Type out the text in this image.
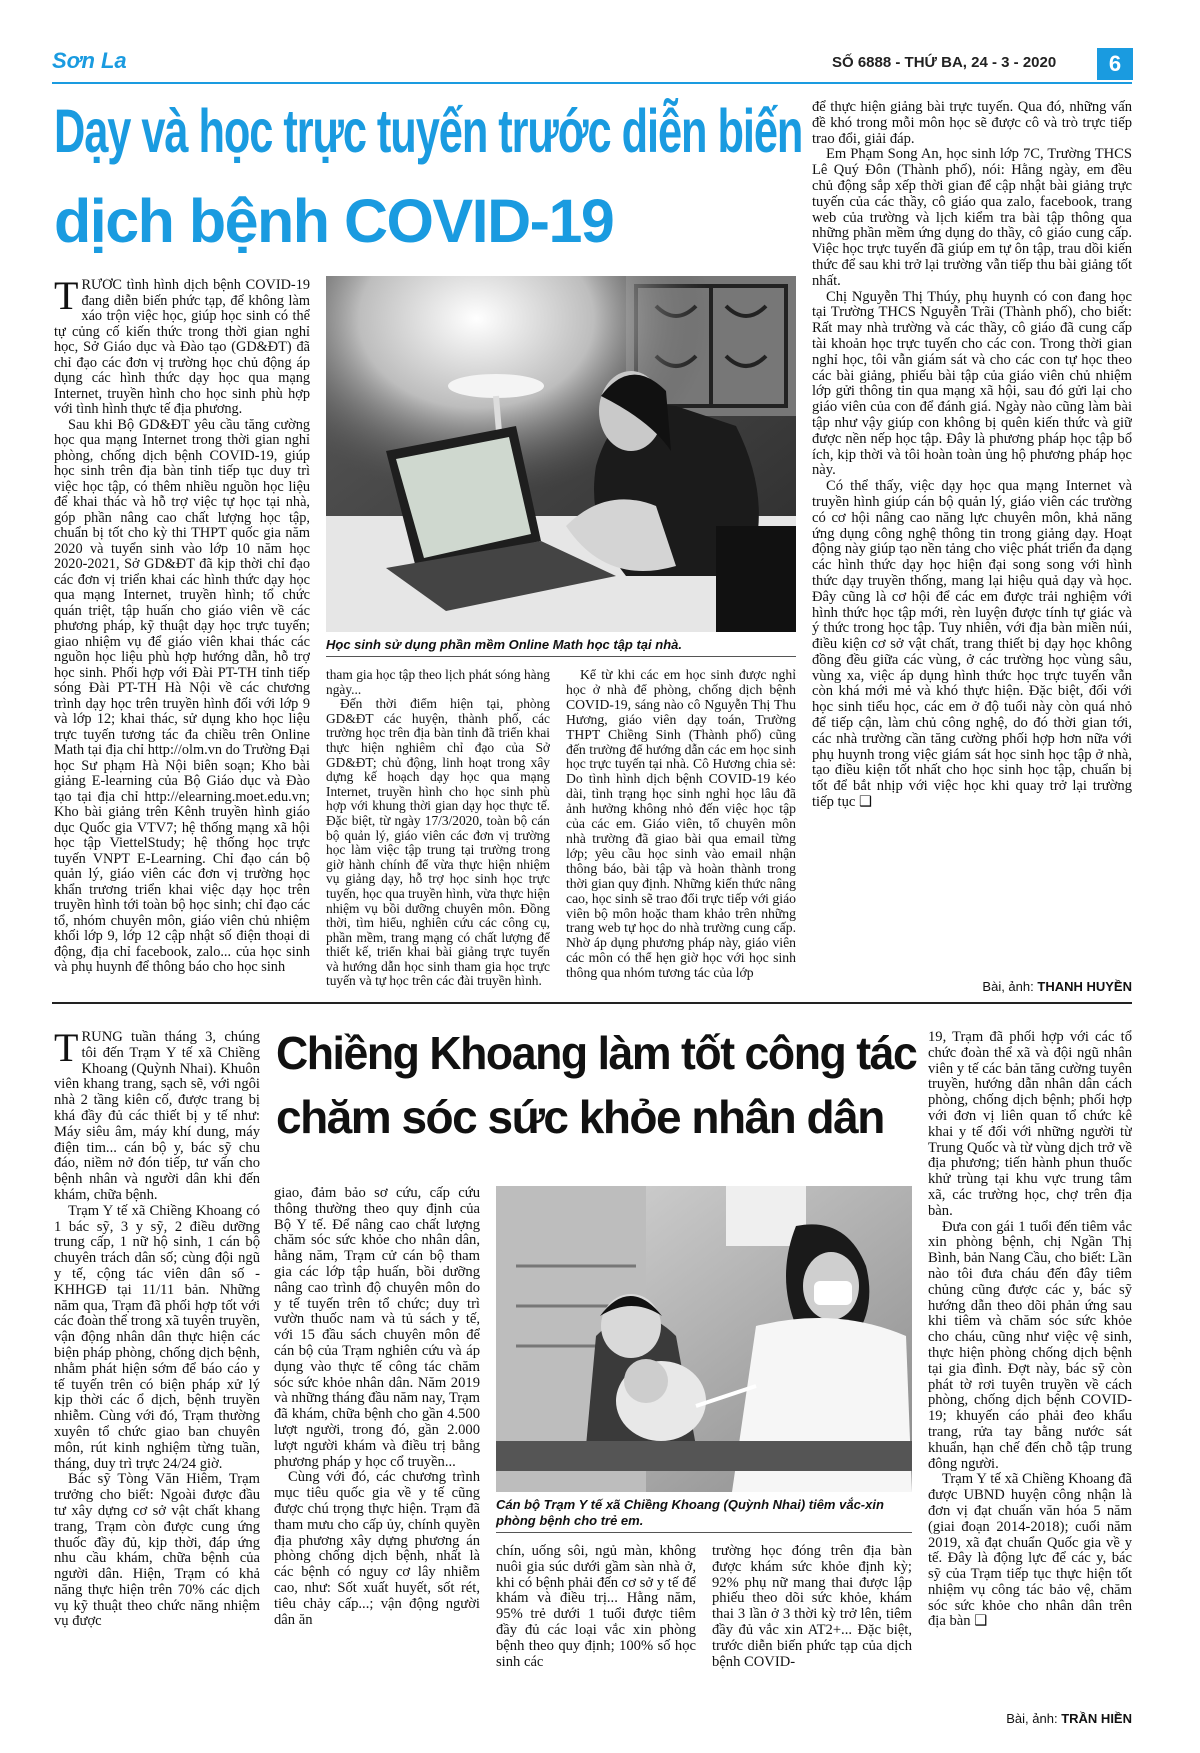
Sơn La	SỐ 6888 - THỨ BA, 24 - 3 - 2020	6
Dạy và học trực tuyến trước diễn biến
dịch bệnh COVID-19
Học sinh sử dụng phần mềm Online Math học tập tại nhà.

TRƯỚC tình hình dịch bệnh COVID-19 đang diễn biến phức tạp, để không làm xáo trộn việc học, giúp học sinh có thể tự củng cố kiến thức trong thời gian nghỉ học, Sở Giáo dục và Đào tạo (GD&ĐT) đã chỉ đạo các đơn vị trường học chủ động áp dụng các hình thức dạy học qua mạng Internet, truyền hình cho học sinh phù hợp với tình hình thực tế địa phương.

Sau khi Bộ GD&ĐT yêu cầu tăng cường học qua mạng Internet trong thời gian nghỉ phòng, chống dịch bệnh COVID-19, giúp học sinh trên địa bàn tỉnh tiếp tục duy trì việc học tập, có thêm nhiều nguồn học liệu để khai thác và hỗ trợ việc tự học tại nhà, góp phần nâng cao chất lượng học tập, chuẩn bị tốt cho kỳ thi THPT quốc gia năm 2020 và tuyển sinh vào lớp 10 năm học 2020-2021, Sở GD&ĐT đã kịp thời chỉ đạo các đơn vị triển khai các hình thức dạy học qua mạng Internet, truyền hình; tổ chức quán triệt, tập huấn cho giáo viên về các phương pháp, kỹ thuật dạy học trực tuyến; giao nhiệm vụ để giáo viên khai thác các nguồn học liệu phù hợp hướng dẫn, hỗ trợ học sinh. Phối hợp với Đài PT-TH tỉnh tiếp sóng Đài PT-TH Hà Nội về các chương trình dạy học trên truyền hình đối với lớp 9 và lớp 12; khai thác, sử dụng kho học liệu trực tuyến tương tác đa chiều trên Online Math tại địa chỉ http://olm.vn do Trường Đại học Sư phạm Hà Nội biên soạn; Kho bài giảng E-learning của Bộ Giáo dục và Đào tạo tại địa chỉ http://elearning.moet.edu.vn; Kho bài giảng trên Kênh truyền hình giáo dục Quốc gia VTV7; hệ thống mạng xã hội học tập ViettelStudy; hệ thống học trực tuyến VNPT E-Learning. Chỉ đạo cán bộ quản lý, giáo viên các đơn vị trường học khẩn trương triển khai việc dạy học trên truyền hình tới toàn bộ học sinh; chỉ đạo các tổ, nhóm chuyên môn, giáo viên chủ nhiệm khối lớp 9, lớp 12 cập nhật số điện thoại di động, địa chỉ facebook, zalo... của học sinh và phụ huynh để thông báo cho học sinh

tham gia học tập theo lịch phát sóng hàng ngày...

Đến thời điểm hiện tại, phòng GD&ĐT các huyện, thành phố, các trường học trên địa bàn tỉnh đã triển khai thực hiện nghiêm chỉ đạo của Sở GD&ĐT; chủ động, linh hoạt trong xây dựng kế hoạch dạy học qua mạng Internet, truyền hình cho học sinh phù hợp với khung thời gian dạy học thực tế. Đặc biệt, từ ngày 17/3/2020, toàn bộ cán bộ quản lý, giáo viên các đơn vị trường học làm việc tập trung tại trường trong giờ hành chính để vừa thực hiện nhiệm vụ giảng dạy, hỗ trợ học sinh học trực tuyến, học qua truyền hình, vừa thực hiện nhiệm vụ bồi dưỡng chuyên môn. Đồng thời, tìm hiểu, nghiên cứu các công cụ, phần mềm, trang mạng có chất lượng để thiết kế, triển khai bài giảng trực tuyến và hướng dẫn học sinh tham gia học trực tuyến và tự học trên các đài truyền hình.

Kể từ khi các em học sinh được nghỉ học ở nhà để phòng, chống dịch bệnh COVID-19, sáng nào cô Nguyễn Thị Thu Hương, giáo viên dạy toán, Trường THPT Chiềng Sinh (Thành phố) cũng đến trường để hướng dẫn các em học sinh học trực tuyến tại nhà. Cô Hương chia sẻ: Do tình hình dịch bệnh COVID-19 kéo dài, tình trạng học sinh nghỉ học lâu đã ảnh hưởng không nhỏ đến việc học tập của các em. Giáo viên, tổ chuyên môn nhà trường đã giao bài qua email từng lớp; yêu cầu học sinh vào email nhận thông báo, bài tập và hoàn thành trong thời gian quy định. Những kiến thức nâng cao, học sinh sẽ trao đổi trực tiếp với giáo viên bộ môn hoặc tham khảo trên những trang web tự học do nhà trường cung cấp. Nhờ áp dụng phương pháp này, giáo viên các môn có thể hẹn giờ học với học sinh thông qua nhóm tương tác của lớp

để thực hiện giảng bài trực tuyến. Qua đó, những vấn đề khó trong mỗi môn học sẽ được cô và trò trực tiếp trao đổi, giải đáp.

Em Phạm Song An, học sinh lớp 7C, Trường THCS Lê Quý Đôn (Thành phố), nói: Hằng ngày, em đều chủ động sắp xếp thời gian để cập nhật bài giảng trực tuyến của các thầy, cô giáo qua zalo, facebook, trang web của trường và lịch kiểm tra bài tập thông qua những phần mềm ứng dụng do thầy, cô giáo cung cấp. Việc học trực tuyến đã giúp em tự ôn tập, trau dồi kiến thức để sau khi trở lại trường vẫn tiếp thu bài giảng tốt nhất.

Chị Nguyễn Thị Thúy, phụ huynh có con đang học tại Trường THCS Nguyễn Trãi (Thành phố), cho biết: Rất may nhà trường và các thầy, cô giáo đã cung cấp tài khoản học trực tuyến cho các con. Trong thời gian nghỉ học, tôi vẫn giám sát và cho các con tự học theo các bài giảng, phiếu bài tập của giáo viên chủ nhiệm lớp gửi thông tin qua mạng xã hội, sau đó gửi lại cho giáo viên của con để đánh giá. Ngày nào cũng làm bài tập như vậy giúp con không bị quên kiến thức và giữ được nền nếp học tập. Đây là phương pháp học tập bổ ích, kịp thời và tôi hoàn toàn ủng hộ phương pháp học này.

Có thể thấy, việc dạy học qua mạng Internet và truyền hình giúp cán bộ quản lý, giáo viên các trường có cơ hội nâng cao năng lực chuyên môn, khả năng ứng dụng công nghệ thông tin trong giảng dạy. Hoạt động này giúp tạo nền tảng cho việc phát triển đa dạng các hình thức dạy học hiện đại song song với hình thức dạy truyền thống, mang lại hiệu quả dạy và học. Đây cũng là cơ hội để các em được trải nghiệm với hình thức học tập mới, rèn luyện được tính tự giác và ý thức trong học tập. Tuy nhiên, với địa bàn miền núi, điều kiện cơ sở vật chất, trang thiết bị dạy học không đồng đều giữa các vùng, ở các trường học vùng sâu, vùng xa, việc áp dụng hình thức học trực tuyến vẫn còn khá mới mẻ và khó thực hiện. Đặc biệt, đối với học sinh tiểu học, các em ở độ tuổi này còn quá nhỏ để tiếp cận, làm chủ công nghệ, do đó thời gian tới, các nhà trường cần tăng cường phối hợp hơn nữa với phụ huynh trong việc giám sát học sinh học tập ở nhà, tạo điều kiện tốt nhất cho học sinh học tập, chuẩn bị tốt để bắt nhịp với việc học khi quay trở lại trường tiếp tục ❑

Bài, ảnh: THANH HUYỀN
Chiềng Khoang làm tốt công tác
chăm sóc sức khỏe nhân dân
Cán bộ Trạm Y tế xã Chiềng Khoang (Quỳnh Nhai) tiêm vắc-xin phòng bệnh cho trẻ em.

TRUNG tuần tháng 3, chúng tôi đến Trạm Y tế xã Chiềng Khoang (Quỳnh Nhai). Khuôn viên khang trang, sạch sẽ, với ngôi nhà 2 tầng kiên cố, được trang bị khá đầy đủ các thiết bị y tế như: Máy siêu âm, máy khí dung, máy điện tim... cán bộ y, bác sỹ chu đáo, niềm nở đón tiếp, tư vấn cho bệnh nhân và người dân khi đến khám, chữa bệnh.

Trạm Y tế xã Chiềng Khoang có 1 bác sỹ, 3 y sỹ, 2 điều dưỡng trung cấp, 1 nữ hộ sinh, 1 cán bộ chuyên trách dân số; cùng đội ngũ y tế, cộng tác viên dân số - KHHGĐ tại 11/11 bản. Những năm qua, Trạm đã phối hợp tốt với các đoàn thể trong xã tuyên truyền, vận động nhân dân thực hiện các biện pháp phòng, chống dịch bệnh, nhằm phát hiện sớm để báo cáo y tế tuyến trên có biện pháp xử lý kịp thời các ổ dịch, bệnh truyền nhiễm. Cùng với đó, Trạm thường xuyên tổ chức giao ban chuyên môn, rút kinh nghiệm từng tuần, tháng, duy trì trực 24/24 giờ.

Bác sỹ Tòng Văn Hiêm, Trạm trưởng cho biết: Ngoài được đầu tư xây dựng cơ sở vật chất khang trang, Trạm còn được cung ứng thuốc đầy đủ, kịp thời, đáp ứng nhu cầu khám, chữa bệnh của người dân. Hiện, Trạm có khả năng thực hiện trên 70% các dịch vụ kỹ thuật theo chức năng nhiệm vụ được

giao, đảm bảo sơ cứu, cấp cứu thông thường theo quy định của Bộ Y tế. Để nâng cao chất lượng chăm sóc sức khỏe cho nhân dân, hằng năm, Trạm cử cán bộ tham gia các lớp tập huấn, bồi dưỡng nâng cao trình độ chuyên môn do y tế tuyến trên tổ chức; duy trì vườn thuốc nam và tủ sách y tế, với 15 đầu sách chuyên môn để cán bộ của Trạm nghiên cứu và áp dụng vào thực tế công tác chăm sóc sức khỏe nhân dân. Năm 2019 và những tháng đầu năm nay, Trạm đã khám, chữa bệnh cho gần 4.500 lượt người, trong đó, gần 2.000 lượt người khám và điều trị bằng phương pháp y học cổ truyền...

Cùng với đó, các chương trình mục tiêu quốc gia về y tế cũng được chú trọng thực hiện. Trạm đã tham mưu cho cấp ủy, chính quyền địa phương xây dựng phương án phòng chống dịch bệnh, nhất là các bệnh có nguy cơ lây nhiễm cao, như: Sốt xuất huyết, sốt rét, tiêu chảy cấp...; vận động người dân ăn

chín, uống sôi, ngủ màn, không nuôi gia súc dưới gầm sàn nhà ở, khi có bệnh phải đến cơ sở y tế để khám và điều trị... Hằng năm, 95% trẻ dưới 1 tuổi được tiêm đầy đủ các loại vắc xin phòng bệnh theo quy định; 100% số học sinh các

trường học đóng trên địa bàn được khám sức khỏe định kỳ; 92% phụ nữ mang thai được lập phiếu theo dõi sức khỏe, khám thai 3 lần ở 3 thời kỳ trở lên, tiêm đầy đủ vắc xin AT2+... Đặc biệt, trước diễn biến phức tạp của dịch bệnh COVID-

19, Trạm đã phối hợp với các tổ chức đoàn thể xã và đội ngũ nhân viên y tế các bản tăng cường tuyên truyền, hướng dẫn nhân dân cách phòng, chống dịch bệnh; phối hợp với đơn vị liên quan tổ chức kê khai y tế đối với những người từ Trung Quốc và từ vùng dịch trở về địa phương; tiến hành phun thuốc khử trùng tại khu vực trung tâm xã, các trường học, chợ trên địa bàn.

Đưa con gái 1 tuổi đến tiêm vắc xin phòng bệnh, chị Ngần Thị Bình, bản Nang Cầu, cho biết: Lần nào tôi đưa cháu đến đây tiêm chủng cũng được các y, bác sỹ hướng dẫn theo dõi phản ứng sau khi tiêm và chăm sóc sức khỏe cho cháu, cũng như việc vệ sinh, thực hiện phòng chống dịch bệnh tại gia đình. Đợt này, bác sỹ còn phát tờ rơi tuyên truyền về cách phòng, chống dịch bệnh COVID-19; khuyến cáo phải đeo khẩu trang, rửa tay bằng nước sát khuẩn, hạn chế đến chỗ tập trung đông người.

Trạm Y tế xã Chiềng Khoang đã được UBND huyện công nhận là đơn vị đạt chuẩn văn hóa 5 năm (giai đoạn 2014-2018); cuối năm 2019, xã đạt chuẩn Quốc gia về y tế. Đây là động lực để các y, bác sỹ của Trạm tiếp tục thực hiện tốt nhiệm vụ công tác bảo vệ, chăm sóc sức khỏe cho nhân dân trên địa bàn ❑

Bài, ảnh: TRẦN HIỀN
